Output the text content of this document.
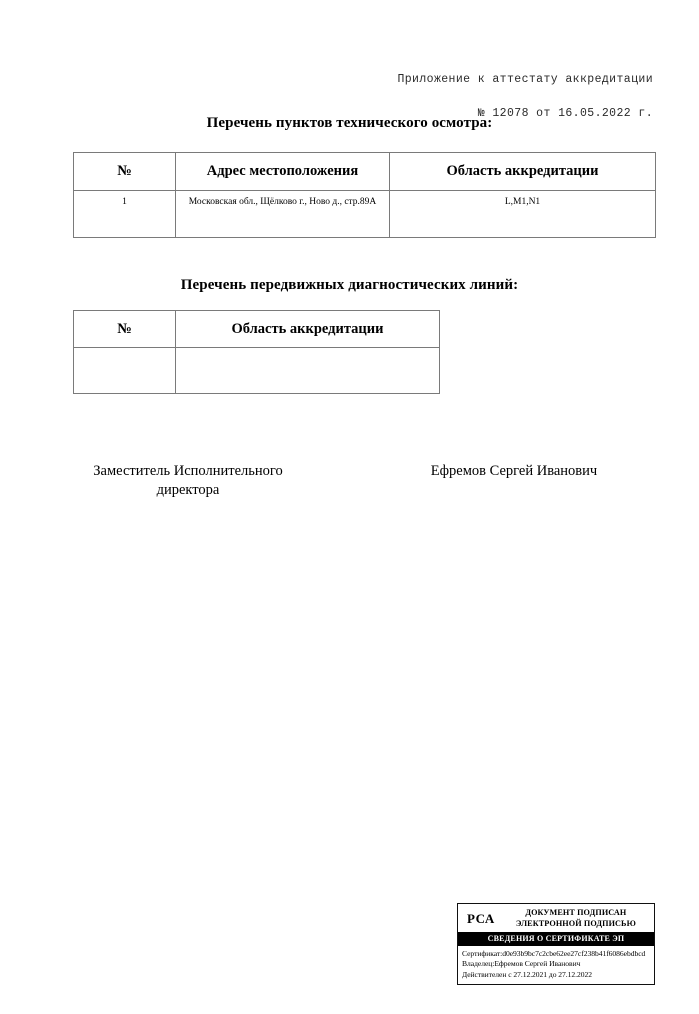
Приложение к аттестату аккредитации

№ 12078 от 16.05.2022 г.

Перечень пунктов технического осмотра:
№	Адрес местоположения	Область аккредитации
1	Московская обл., Щёлково г., Ново д., стр.89А	L,M1,N1
Перечень передвижных диагностических линий:
№	Область аккредитации

Заместитель Исполнительного директора
Ефремов Сергей Иванович
РСА	ДОКУМЕНТ ПОДПИСАН
ЭЛЕКТРОННОЙ ПОДПИСЬЮ
СВЕДЕНИЯ О СЕРТИФИКАТЕ ЭП
Сертификат:d0e93b9bc7c2cbe62ee27cf238b41f6086ebdbcd
Владелец:Ефремов Сергей Иванович
Действителен с 27.12.2021 до 27.12.2022
